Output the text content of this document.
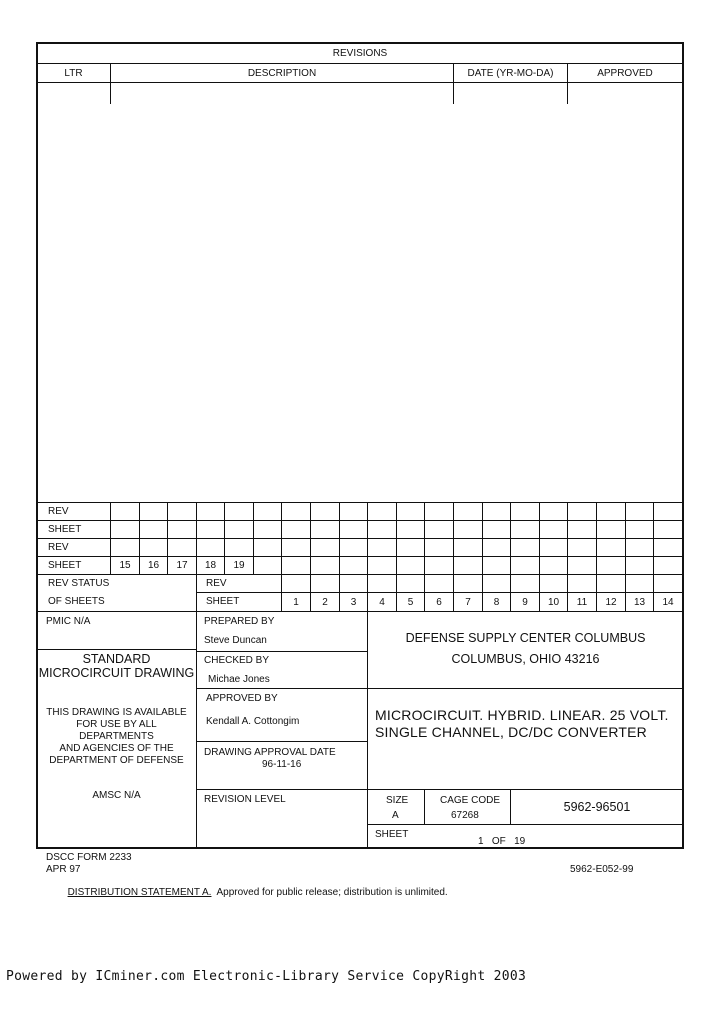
REVISIONS
LTR	DESCRIPTION	DATE (YR-MO-DA)	APPROVED
REV
SHEET
REV
SHEET	15	16	17	18	19
REV STATUS
OF SHEETS
REV
SHEET	1	2	3	4	5	6	7	8	9	10	11	12	13	14
PMIC N/A
STANDARD
MICROCIRCUIT DRAWING
THIS DRAWING IS AVAILABLE
FOR USE BY ALL
DEPARTMENTS
AND AGENCIES OF THE
DEPARTMENT OF DEFENSE
AMSC N/A
PREPARED BY
Steve Duncan
CHECKED BY
Michae Jones
APPROVED BY
Kendall A. Cottongim
DRAWING APPROVAL DATE
96-11-16
REVISION LEVEL
DEFENSE SUPPLY CENTER COLUMBUS
COLUMBUS, OHIO 43216
MICROCIRCUIT. HYBRID. LINEAR. 25 VOLT.
SINGLE CHANNEL, DC/DC CONVERTER
SIZE
A
CAGE CODE
67268
5962-96501
SHEET
1   OF   19
DSCC FORM 2233
APR 97	5962-E052-99

DISTRIBUTION STATEMENT A.  Approved for public release; distribution is unlimited.

Powered by ICminer.com Electronic-Library Service CopyRight 2003
